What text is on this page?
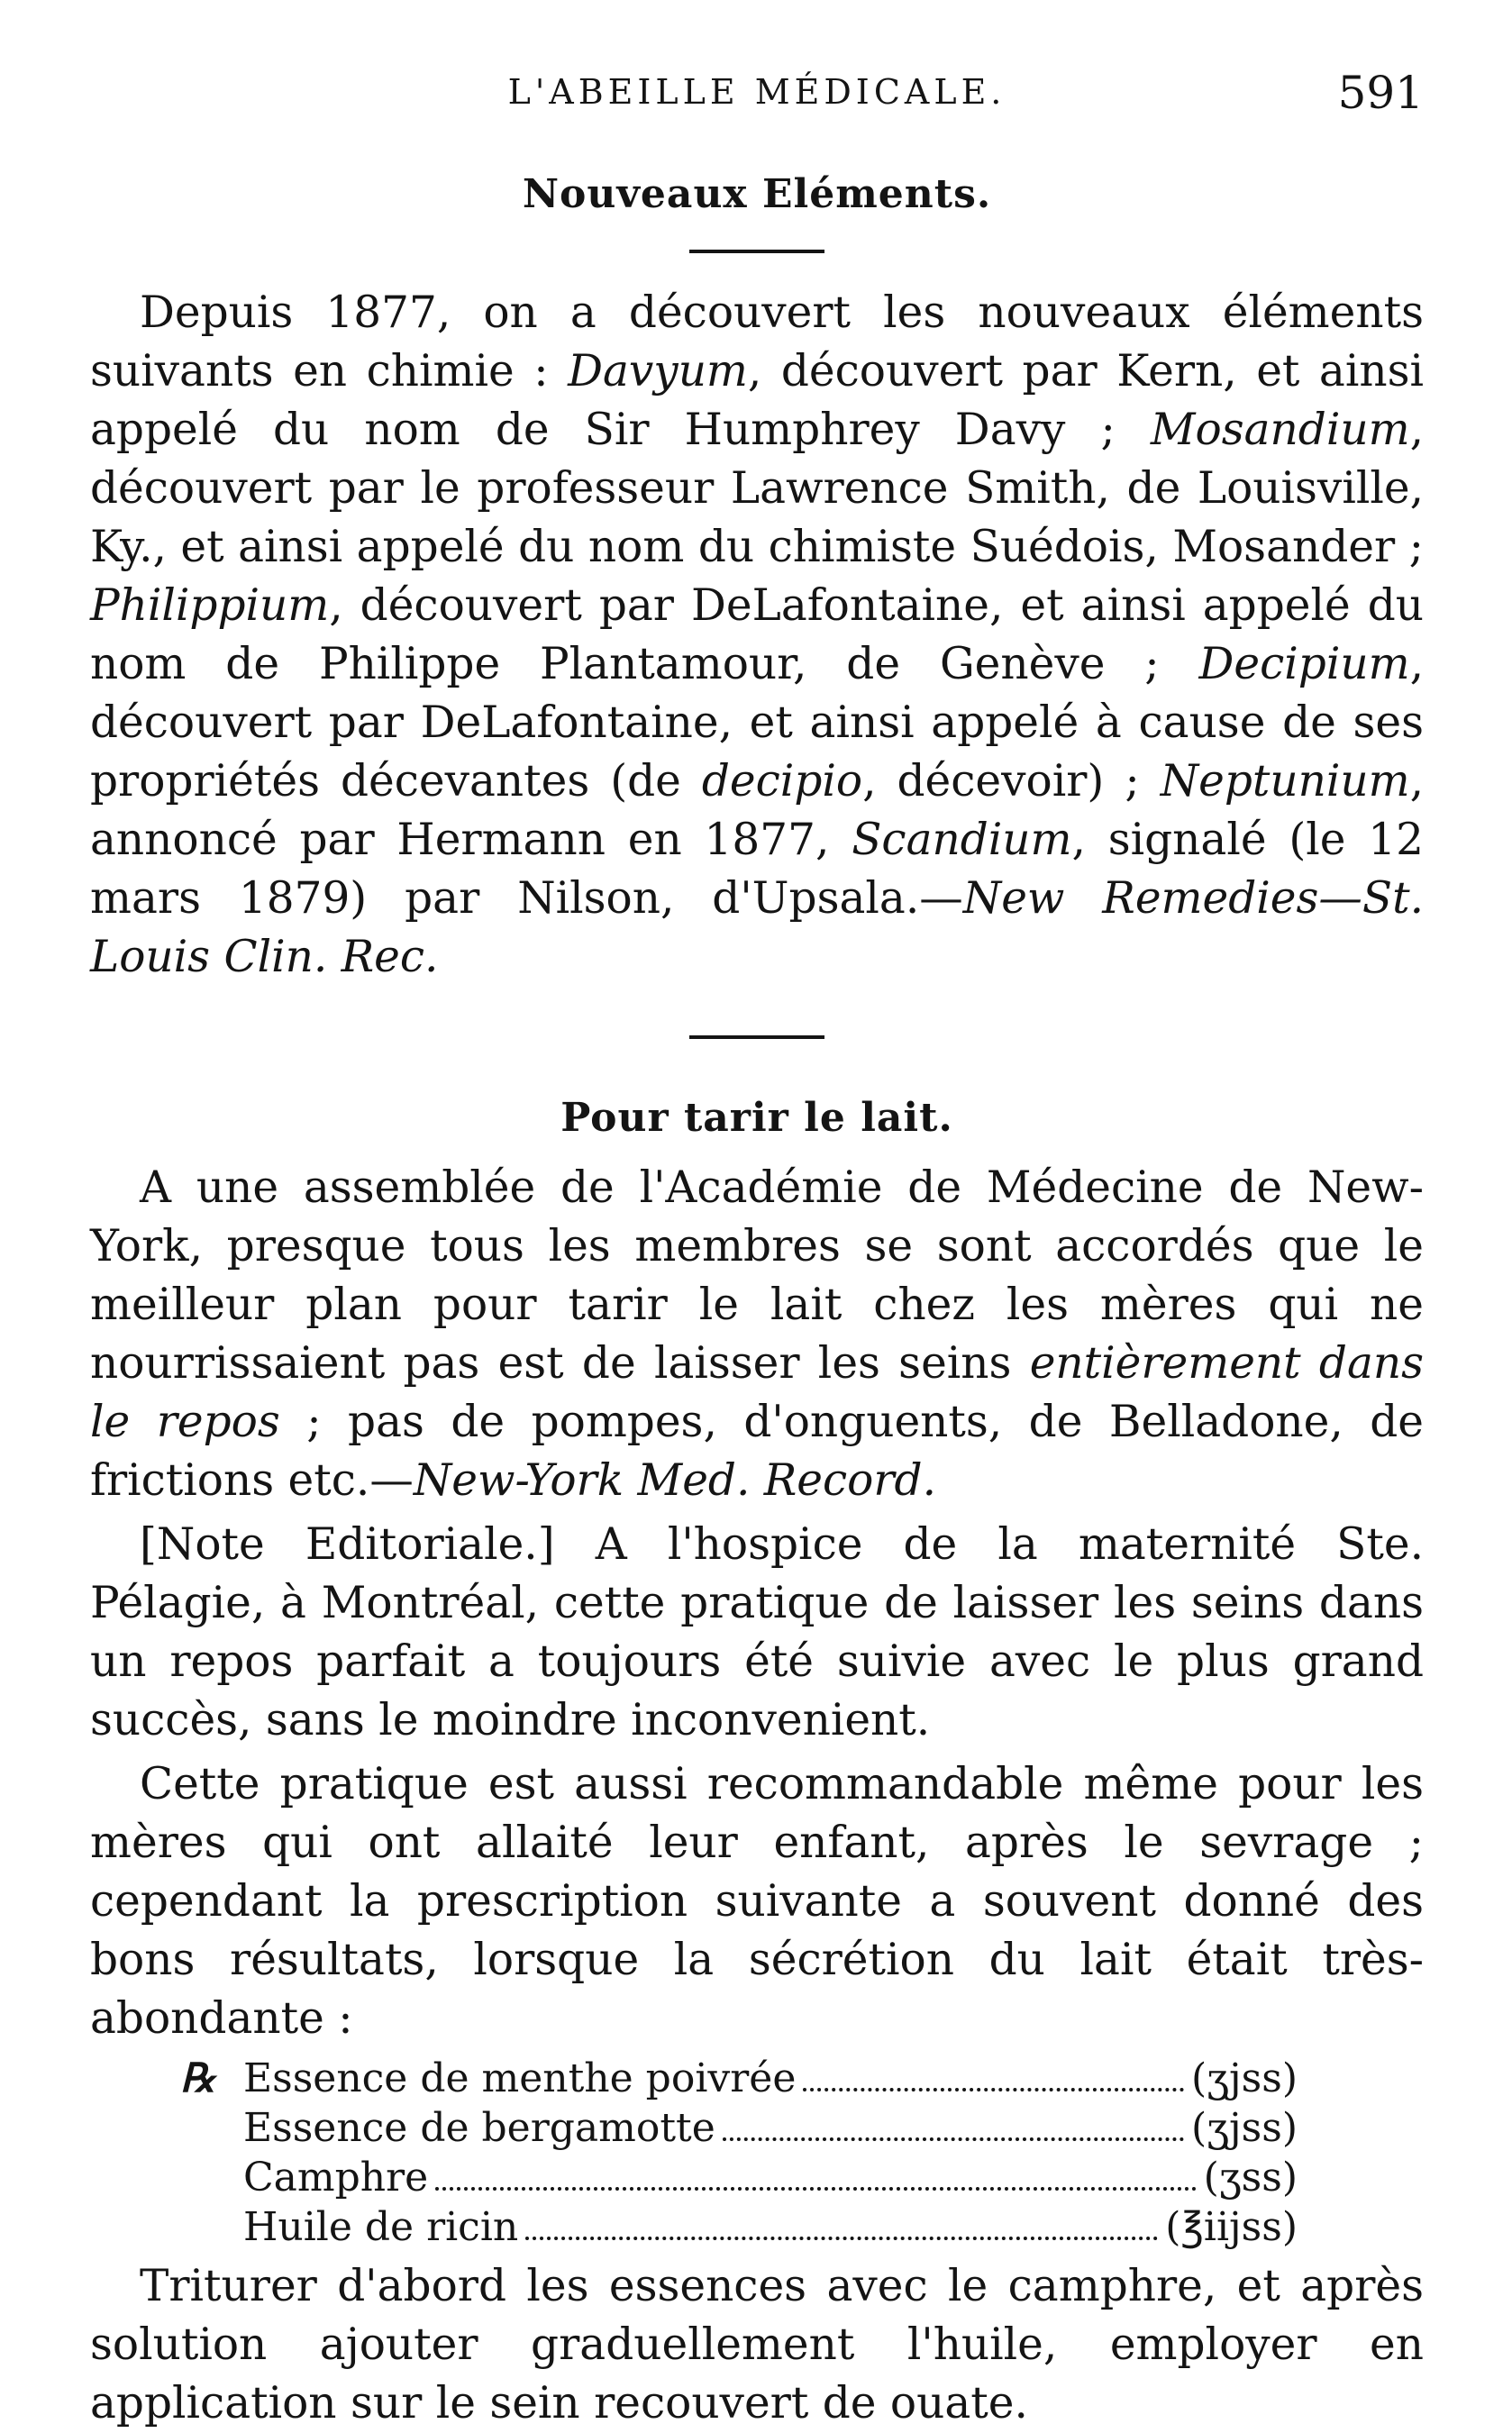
L'ABEILLE MÉDICALE.	591
Nouveaux Eléments.

Depuis 1877, on a découvert les nouveaux éléments suivants en chimie : Davyum, découvert par Kern, et ainsi appelé du nom de Sir Humphrey Davy ; Mosandium, découvert par le professeur Lawrence Smith, de Louisville, Ky., et ainsi appelé du nom du chimiste Suédois, Mosander ; Philippium, découvert par DeLafontaine, et ainsi appelé du nom de Philippe Plantamour, de Genève ; Decipium, découvert par DeLafontaine, et ainsi appelé à cause de ses propriétés décevantes (de decipio, décevoir) ; Neptunium, annoncé par Hermann en 1877, Scandium, signalé (le 12 mars 1879) par Nilson, d'Upsala.—New Remedies—St. Louis Clin. Rec.

Pour tarir le lait.

A une assemblée de l'Académie de Médecine de New-York, presque tous les membres se sont accordés que le meilleur plan pour tarir le lait chez les mères qui ne nourrissaient pas est de laisser les seins entièrement dans le repos ; pas de pompes, d'onguents, de Belladone, de frictions etc.—New-York Med. Record.

[Note Editoriale.] A l'hospice de la maternité Ste. Pélagie, à Montréal, cette pratique de laisser les seins dans un repos parfait a toujours été suivie avec le plus grand succès, sans le moindre inconvenient.

Cette pratique est aussi recommandable même pour les mères qui ont allaité leur enfant, après le sevrage ; cependant la prescription suivante a souvent donné des bons résultats, lorsque la sécrétion du lait était très-abondante :

℞ Essence de menthe poivrée	(ʒjss)
Essence de bergamotte	(ʒjss)
Camphre	(ʒss)
Huile de ricin	(℥iijss)

Triturer d'abord les essences avec le camphre, et après solution ajouter graduellement l'huile, employer en application sur le sein recouvert de ouate.
